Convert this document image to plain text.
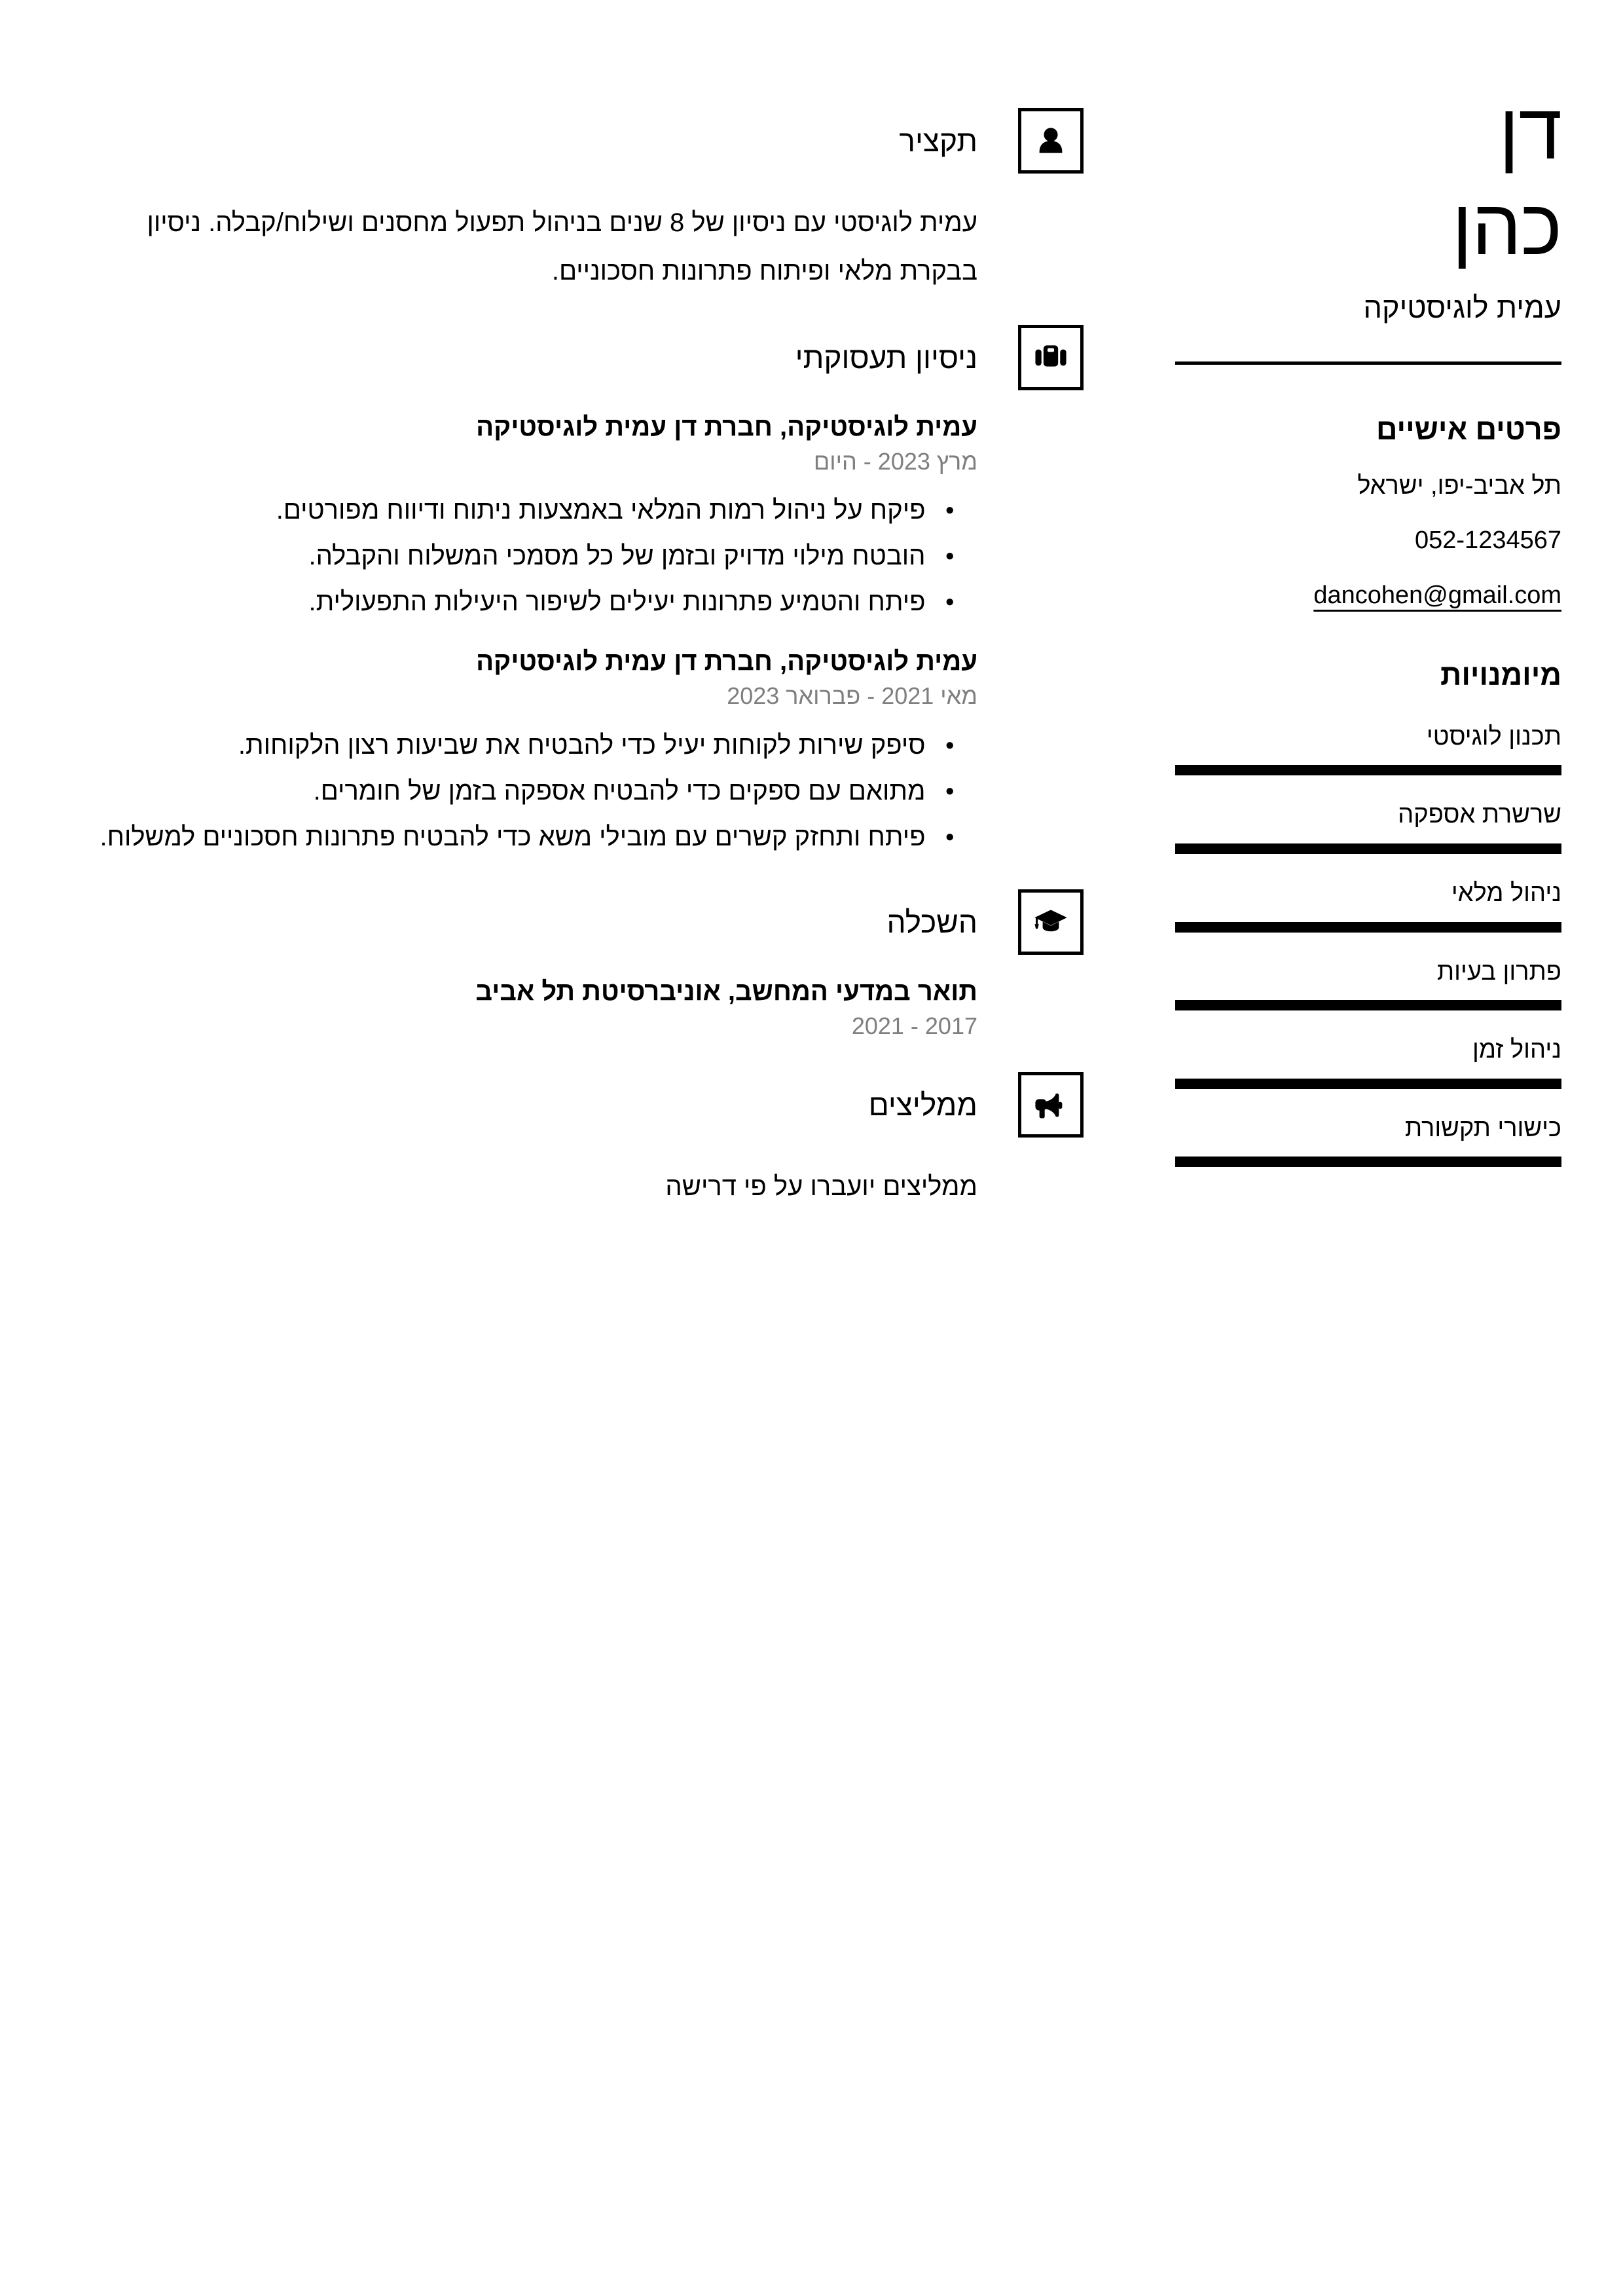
דן
כהן
עמית לוגיסטיקה
פרטים אישיים
תל אביב-יפו, ישראל
052-1234567
dancohen@gmail.com
מיומנויות
תכנון לוגיסטי
שרשרת אספקה
ניהול מלאי
פתרון בעיות
ניהול זמן
כישורי תקשורת
תקציר

עמית לוגיסטי עם ניסיון של 8 שנים בניהול תפעול מחסנים ושילוח/קבלה. ניסיון בבקרת מלאי ופיתוח פתרונות חסכוניים.

ניסיון תעסוקתי
עמית לוגיסטיקה, חברת דן עמית לוגיסטיקה
מרץ 2023 - היום
● פיקח על ניהול רמות המלאי באמצעות ניתוח ודיווח מפורטים.
● הובטח מילוי מדויק ובזמן של כל מסמכי המשלוח והקבלה.
● פיתח והטמיע פתרונות יעילים לשיפור היעילות התפעולית.
עמית לוגיסטיקה, חברת דן עמית לוגיסטיקה
מאי 2021 - פברואר 2023
● סיפק שירות לקוחות יעיל כדי להבטיח את שביעות רצון הלקוחות.
● מתואם עם ספקים כדי להבטיח אספקה בזמן של חומרים.
● פיתח ותחזק קשרים עם מובילי משא כדי להבטיח פתרונות חסכוניים למשלוח.
השכלה
תואר במדעי המחשב, אוניברסיטת תל אביב
2017 - 2021
ממליצים

ממליצים יועברו על פי דרישה
